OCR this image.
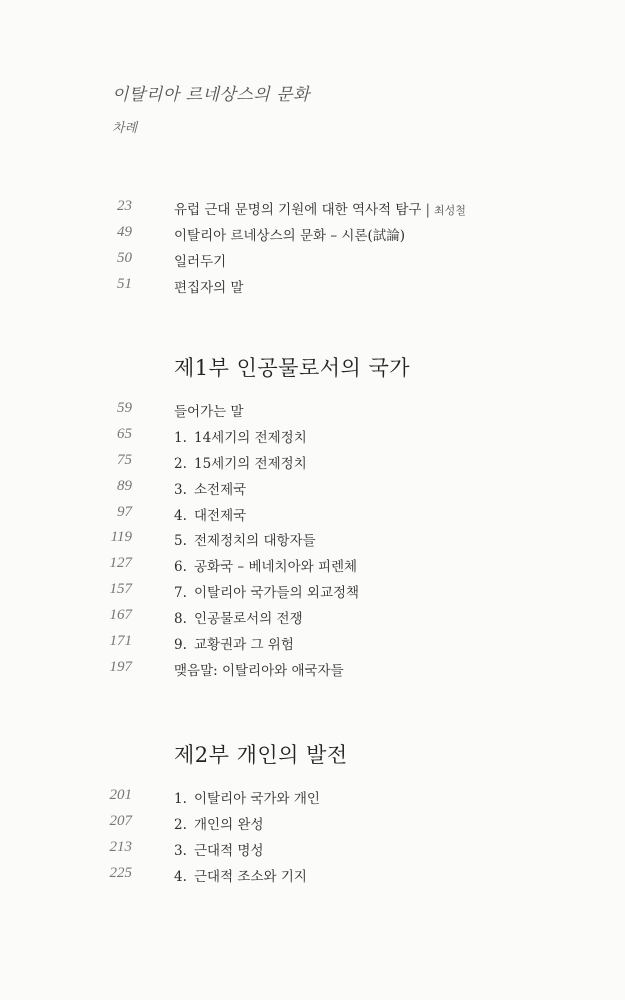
이탈리아 르네상스의 문화
차례
23	유럽 근대 문명의 기원에 대한 역사적 탐구 | 최성철
49	이탈리아 르네상스의 문화 – 시론(試論)
50	일러두기
51	편집자의 말
제1부 인공물로서의 국가
59	들어가는 말
65	1. 14세기의 전제정치
75	2. 15세기의 전제정치
89	3. 소전제국
97	4. 대전제국
119	5. 전제정치의 대항자들
127	6. 공화국 – 베네치아와 피렌체
157	7. 이탈리아 국가들의 외교정책
167	8. 인공물로서의 전쟁
171	9. 교황권과 그 위험
197	맺음말: 이탈리아와 애국자들
제2부 개인의 발전
201	1. 이탈리아 국가와 개인
207	2. 개인의 완성
213	3. 근대적 명성
225	4. 근대적 조소와 기지
